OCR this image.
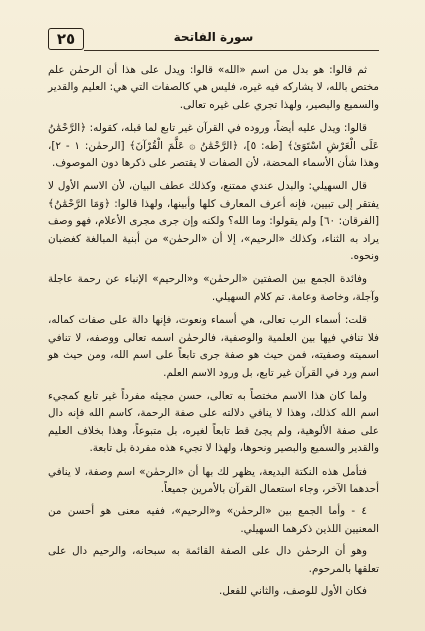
٢٥	سورة الفاتحة

ثم قالوا: هو بدل من اسم «الله» قالوا: ويدل على هذا أن الرحمٰن علم مختص بالله، لا يشاركه فيه غيره، فليس هي كالصفات التي هي: العليم والقدير والسميع والبصير، ولهذا تجري على غيره تعالى.

قالوا: ويدل عليه أيضاً، وروده في القرآن غير تابع لما قبله، كقوله: ﴿الرَّحْمَٰنُ عَلَى الْعَرْشِ اسْتَوَىٰ﴾ [طه: ٥]، ﴿الرَّحْمَٰنُ ۞ عَلَّمَ الْقُرْآنَ﴾ [الرحمٰن: ١ - ٢]، وهذا شأن الأسماء المحضة، لأن الصفات لا يقتصر على ذكرها دون الموصوف.

قال السهيلي: والبدل عندي ممتنع، وكذلك عطف البيان، لأن الاسم الأول لا يفتقر إلى تبيين، فإنه أعرف المعارف كلها وأبينها، ولهذا قالوا: ﴿وَمَا الرَّحْمَٰنُ﴾ [الفرقان: ٦٠] ولم يقولوا: وما الله؟ ولكنه وإن جرى مجرى الأعلام، فهو وصف يراد به الثناء، وكذلك «الرحيم»، إلا أن «الرحمٰن» من أبنية المبالغة كغضبان ونحوه.

وفائدة الجمع بين الصفتين «الرحمٰن» و«الرحيم» الإنباء عن رحمة عاجلة وآجلة، وخاصة وعامة. تم كلام السهيلي.

قلت: أسماء الرب تعالى، هي أسماء ونعوت، فإنها دالة على صفات كماله، فلا تنافي فيها بين العلمية والوصفية، فالرحمٰن اسمه تعالى ووصفه، لا تنافي اسميته وصفيته، فمن حيث هو صفة جرى تابعاً على اسم الله، ومن حيث هو اسم ورد في القرآن غير تابع، بل ورود الاسم العلم.

ولما كان هذا الاسم مختصاً به تعالى، حسن مجيئه مفرداً غير تابع كمجيء اسم الله كذلك، وهذا لا ينافي دلالته على صفة الرحمة، كاسم الله فإنه دال على صفة الألوهية، ولم يجئ قط تابعاً لغيره، بل متبوعاً، وهذا بخلاف العليم والقدير والسميع والبصير ونحوها، ولهذا لا تجيء هذه مفردة بل تابعة.

فتأمل هذه النكتة البديعة، يظهر لك بها أن «الرحمٰن» اسم وصفة، لا ينافي أحدهما الآخر، وجاء استعمال القرآن بالأمرين جميعاً.

٤ - وأما الجمع بين «الرحمٰن» و«الرحيم»، ففيه معنى هو أحسن من المعنيين اللذين ذكرهما السهيلي.

وهو أن الرحمٰن دال على الصفة القائمة به سبحانه، والرحيم دال على تعلقها بالمرحوم.

فكان الأول للوصف، والثاني للفعل.
